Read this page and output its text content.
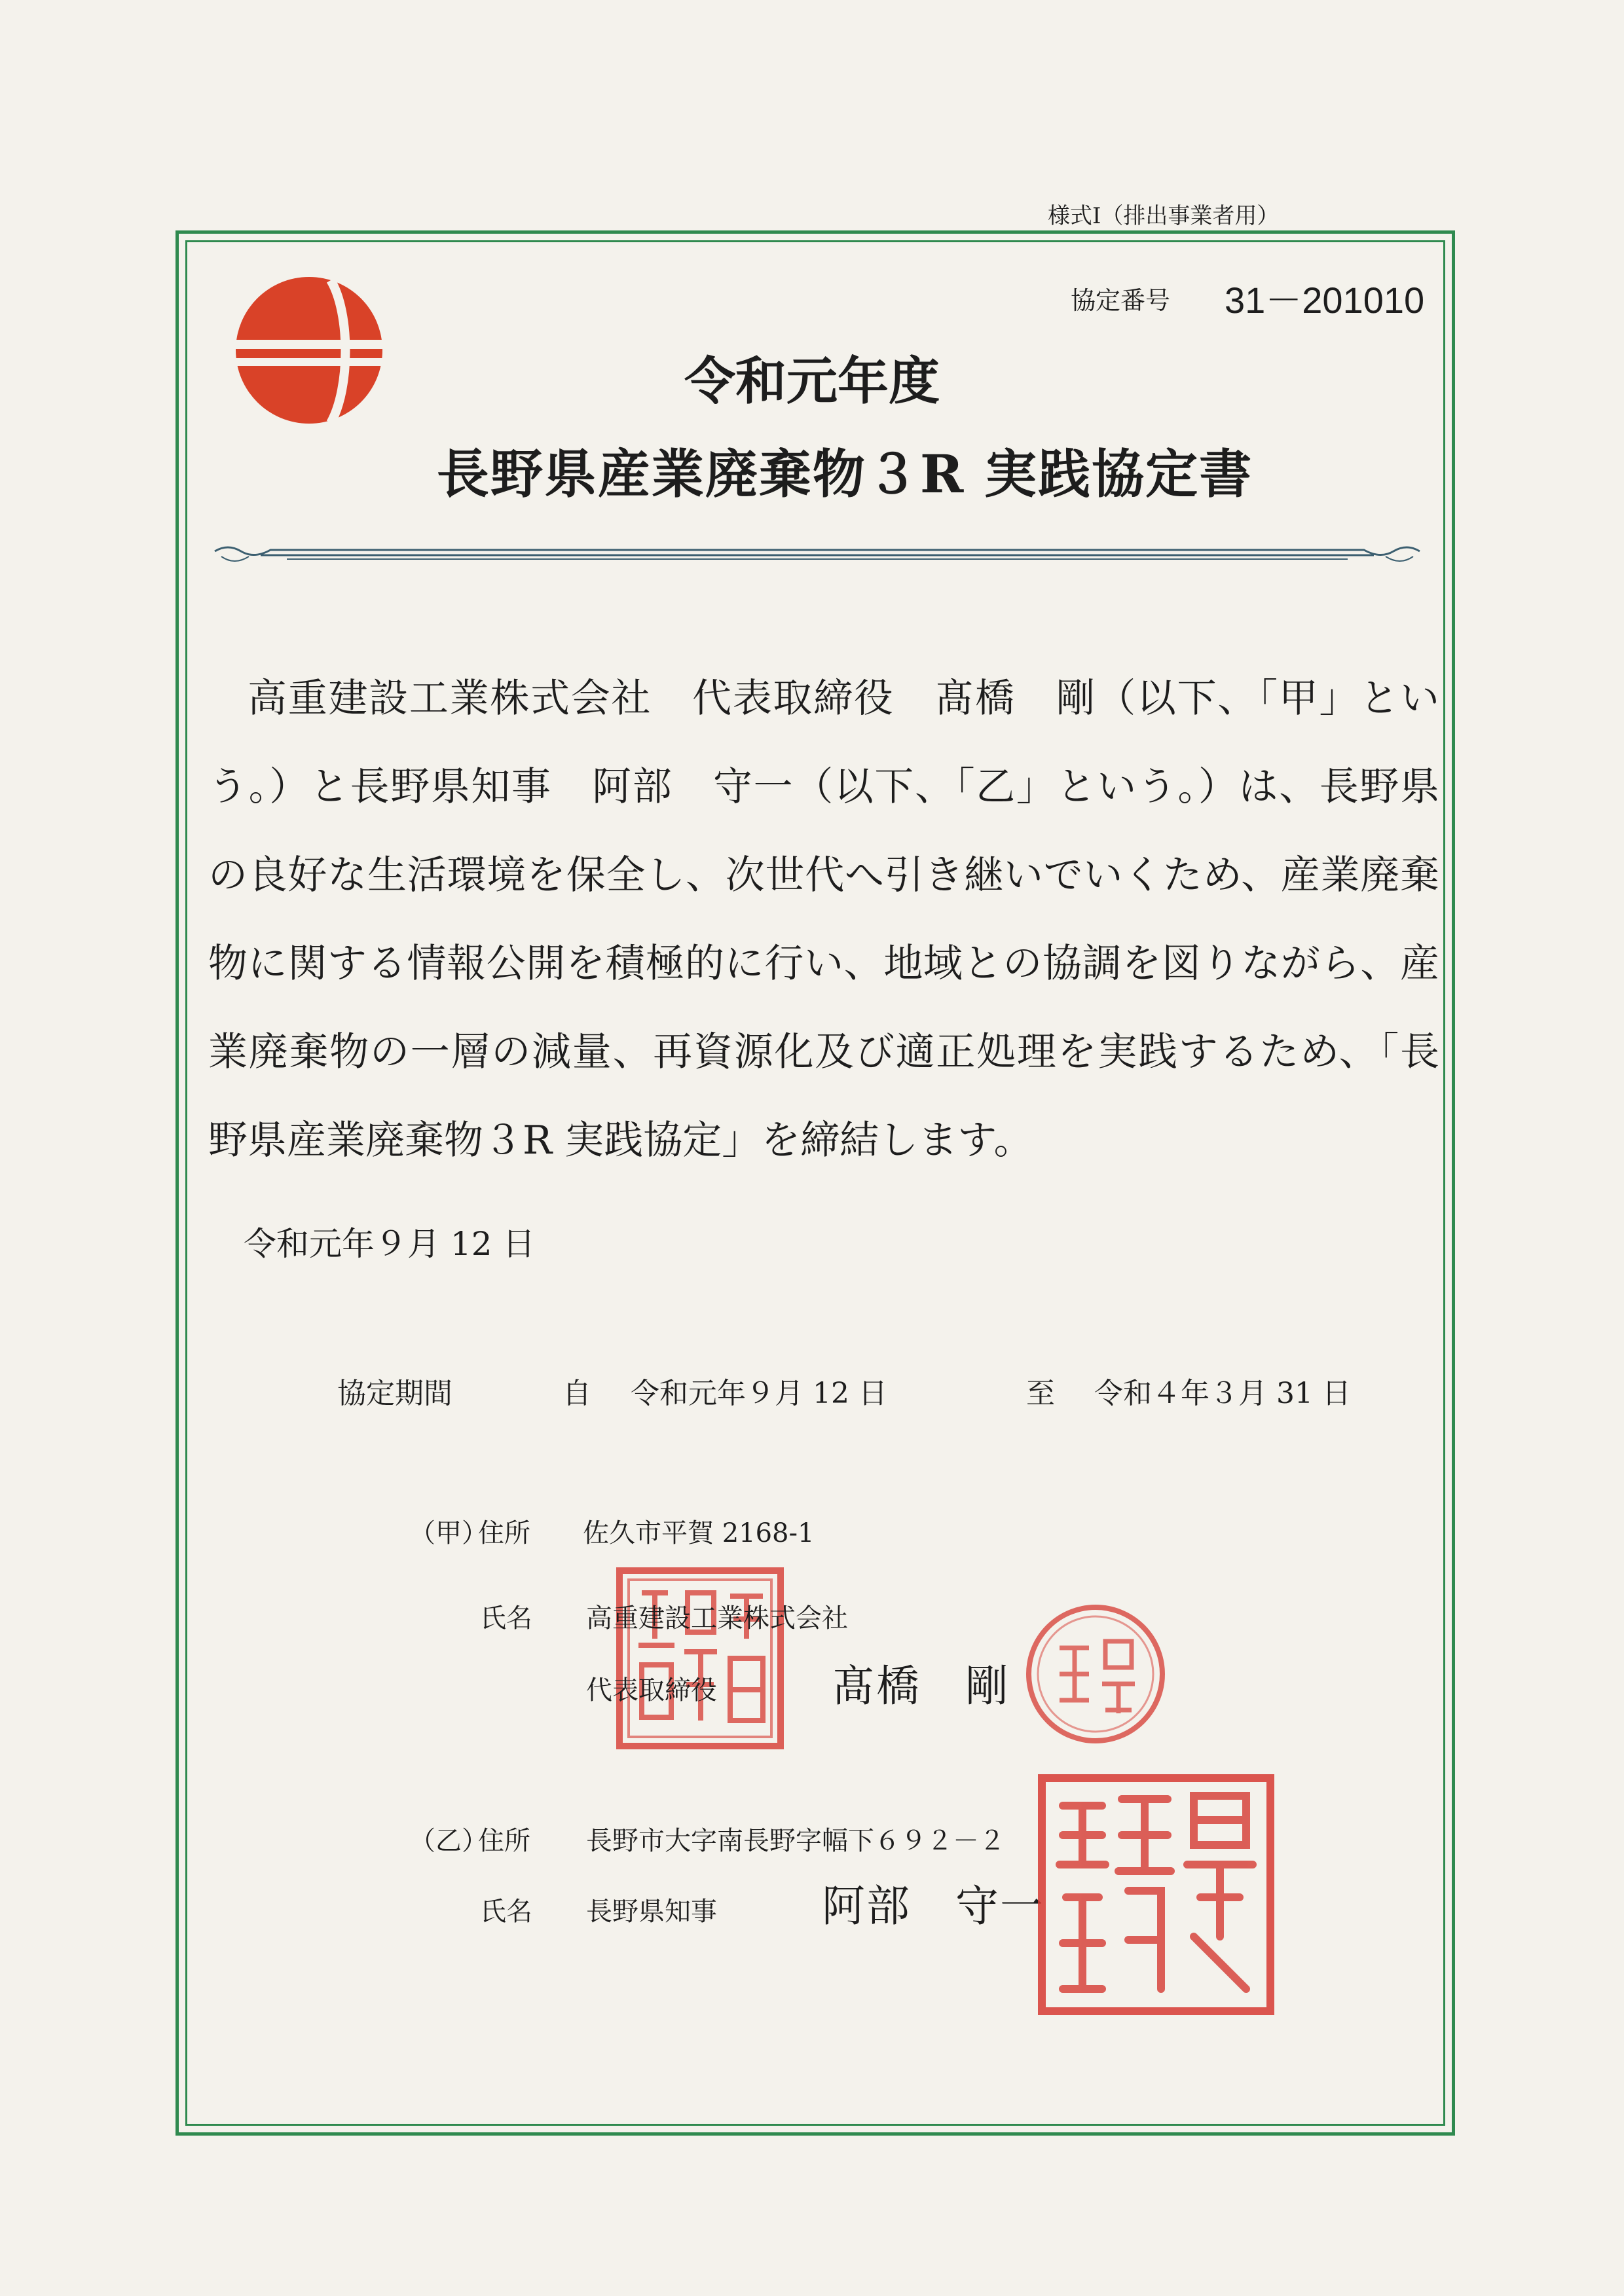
様式Ⅰ（排出事業者用）
協定番号 31－201010
令和元年度
長野県産業廃棄物３R 実践協定書

高重建設工業株式会社　代表取締役　髙橋　剛（以下、「甲」という。）と長野県知事　阿部　守一（以下、「乙」という。）は、長野県の良好な生活環境を保全し、次世代へ引き継いでいくため、産業廃棄物に関する情報公開を積極的に行い、地域との協調を図りながら、産業廃棄物の一層の減量、再資源化及び適正処理を実践するため、「長野県産業廃棄物３R 実践協定」を締結します。

令和元年９月 12 日
協定期間	自 令和元年９月 12 日	至 令和４年３月 31 日
（甲）
住所 佐久市平賀 2168-1
氏名 高重建設工業株式会社
代表取締役	髙橋　剛
（乙）
住所 長野市大字南長野字幅下６９２－２
氏名 長野県知事 阿部　守一
